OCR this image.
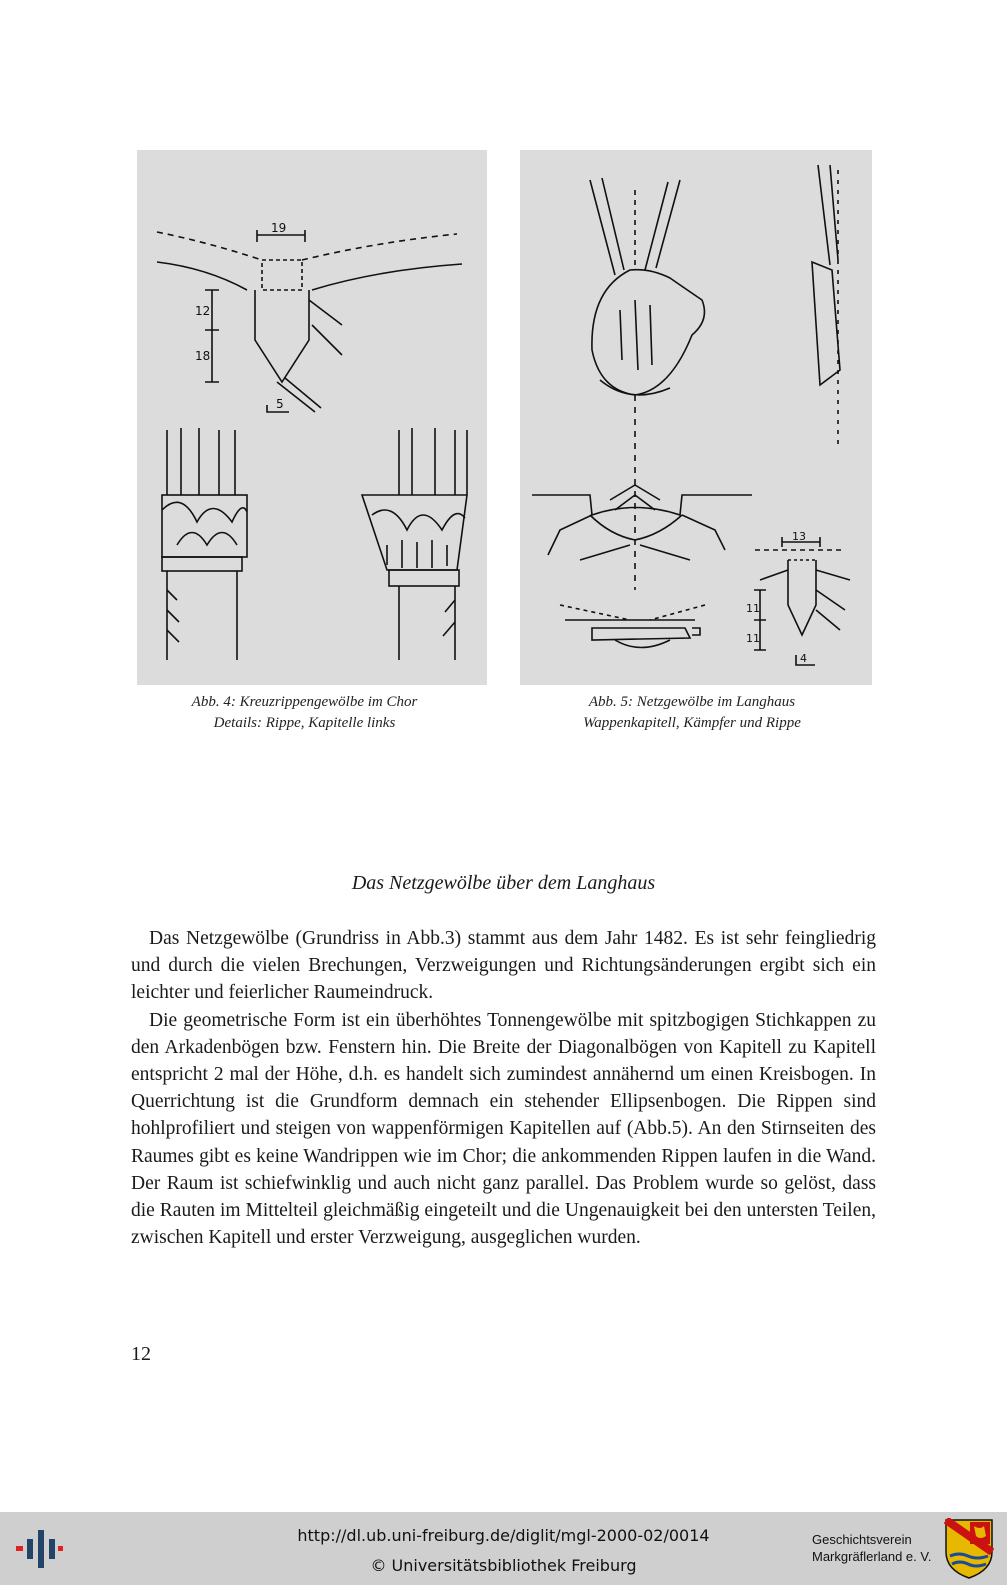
19
12
18
5
Abb. 4: Kreuzrippengewölbe im Chor
Details: Rippe, Kapitelle links
13
11
11
4
Abb. 5: Netzgewölbe im Langhaus
Wappenkapitell, Kämpfer und Rippe
Das Netzgewölbe über dem Langhaus

Das Netzgewölbe (Grundriss in Abb.3) stammt aus dem Jahr 1482. Es ist sehr feingliedrig und durch die vielen Brechungen, Verzweigungen und Richtungsänderungen ergibt sich ein leichter und feierlicher Raumeindruck.

Die geometrische Form ist ein überhöhtes Tonnengewölbe mit spitzbogigen Stichkappen zu den Arkadenbögen bzw. Fenstern hin. Die Breite der Diagonalbögen von Kapitell zu Kapitell entspricht 2 mal der Höhe, d.h. es handelt sich zumindest annähernd um einen Kreisbogen. In Querrichtung ist die Grundform demnach ein stehender Ellipsenbogen. Die Rippen sind hohlprofiliert und steigen von wappenförmigen Kapitellen auf (Abb.5). An den Stirnseiten des Raumes gibt es keine Wandrippen wie im Chor; die ankommenden Rippen laufen in die Wand. Der Raum ist schiefwinklig und auch nicht ganz parallel. Das Problem wurde so gelöst, dass die Rauten im Mittelteil gleichmäßig eingeteilt und die Ungenauigkeit bei den untersten Teilen, zwischen Kapitell und erster Verzweigung, ausgeglichen wurden.

12
http://dl.ub.uni-freiburg.de/diglit/mgl-2000-02/0014
© Universitätsbibliothek Freiburg
Geschichtsverein
Markgräflerland e. V.
